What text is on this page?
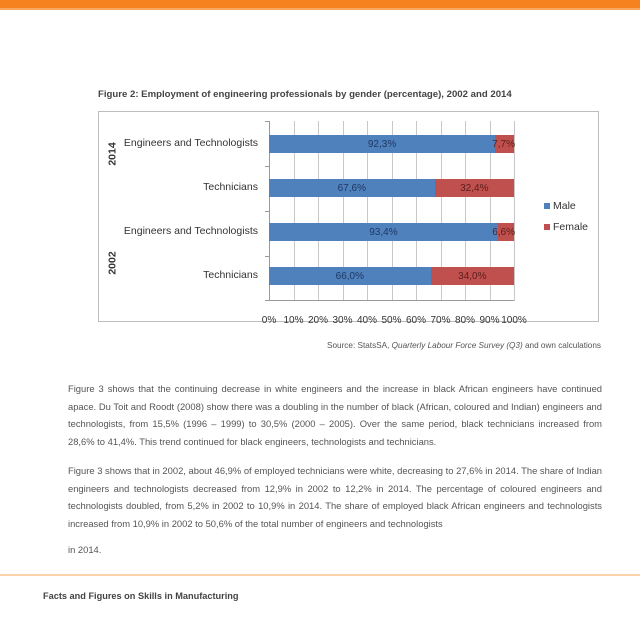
Figure 2: Employment of engineering professionals by gender (percentage), 2002 and 2014
2014
2002
Engineers and Technologists
Technicians
Engineers and Technologists
Technicians
92,3%	7,7%
67,6%	32,4%
93,4%	6,6%
66,0%	34,0%
0% 10% 20% 30% 40% 50% 60% 70% 80% 90% 100%
Male
Female
Source: StatsSA, Quarterly Labour Force Survey (Q3) and own calculations
Figure 3 shows that the continuing decrease in white engineers and the increase in black African engineers have continued apace. Du Toit and Roodt (2008) show there was a doubling in the number of black (African, coloured and Indian) engineers and technologists, from 15,5% (1996 – 1999) to 30,5% (2000 – 2005). Over the same period, black technicians increased from 28,6% to 41,4%. This trend continued for black engineers, technologists and technicians.
Figure 3 shows that in 2002, about 46,9% of employed technicians were white, decreasing to 27,6% in 2014. The share of Indian engineers and technologists decreased from 12,9% in 2002 to 12,2% in 2014. The percentage of coloured engineers and technologists doubled, from 5,2% in 2002 to 10,9% in 2014. The share of employed black African engineers and technologists increased from 10,9% in 2002 to 50,6% of the total number of engineers and technologists
in 2014.
Facts and Figures on Skills in Manufacturing
